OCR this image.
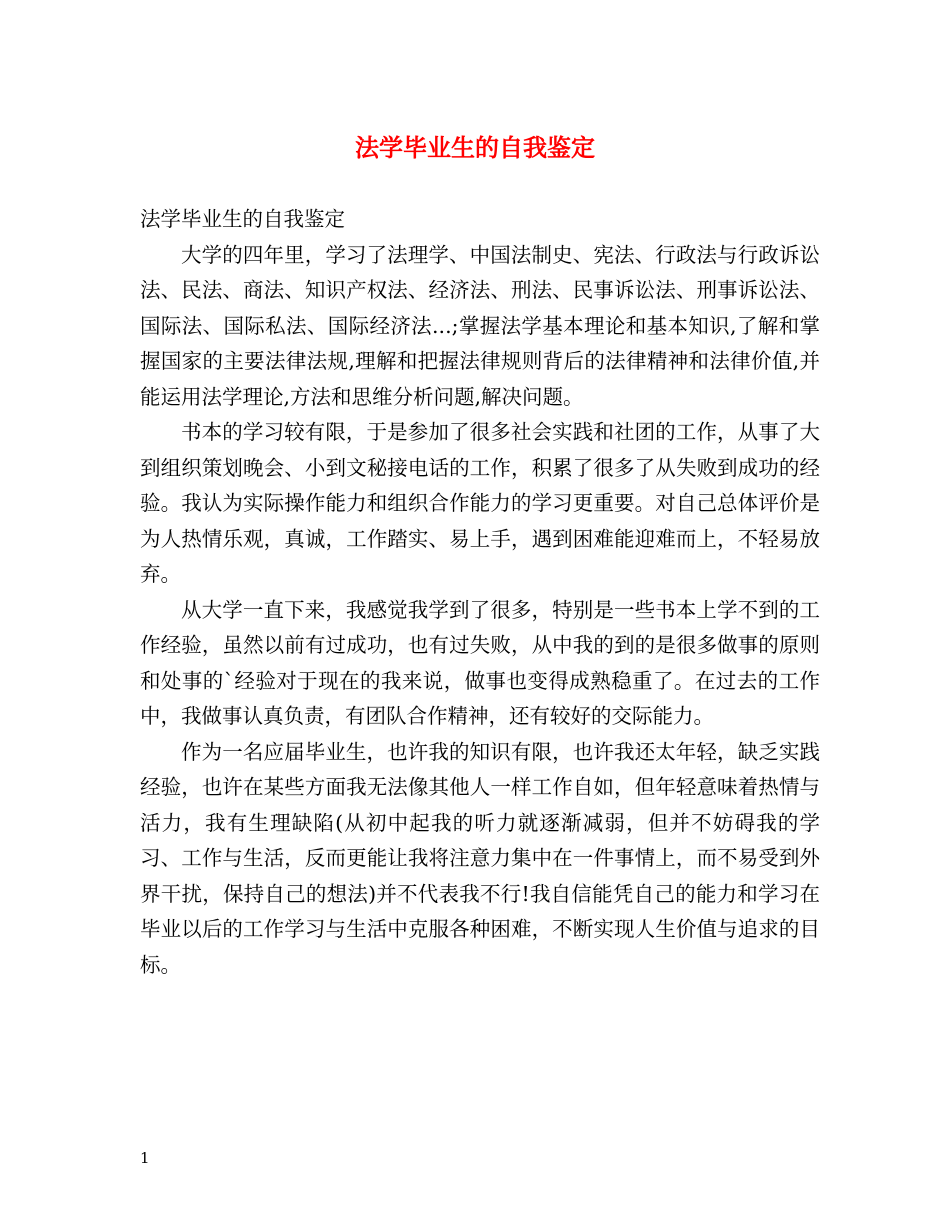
法学毕业生的自我鉴定

法学毕业生的自我鉴定

大学的四年里，学习了法理学、中国法制史、宪法、行政法与行政诉讼法、民法、商法、知识产权法、经济法、刑法、民事诉讼法、刑事诉讼法、国际法、国际私法、国际经济法...;掌握法学基本理论和基本知识,了解和掌握国家的主要法律法规,理解和把握法律规则背后的法律精神和法律价值,并能运用法学理论,方法和思维分析问题,解决问题。

书本的学习较有限，于是参加了很多社会实践和社团的工作，从事了大到组织策划晚会、小到文秘接电话的工作，积累了很多了从失败到成功的经验。我认为实际操作能力和组织合作能力的学习更重要。对自己总体评价是为人热情乐观，真诚，工作踏实、易上手，遇到困难能迎难而上，不轻易放弃。

从大学一直下来，我感觉我学到了很多，特别是一些书本上学不到的工作经验，虽然以前有过成功，也有过失败，从中我的到的是很多做事的原则和处事的`经验对于现在的我来说，做事也变得成熟稳重了。在过去的工作中，我做事认真负责，有团队合作精神，还有较好的交际能力。

作为一名应届毕业生，也许我的知识有限，也许我还太年轻，缺乏实践经验，也许在某些方面我无法像其他人一样工作自如，但年轻意味着热情与活力，我有生理缺陷(从初中起我的听力就逐渐减弱，但并不妨碍我的学习、工作与生活，反而更能让我将注意力集中在一件事情上，而不易受到外界干扰，保持自己的想法)并不代表我不行!我自信能凭自己的能力和学习在毕业以后的工作学习与生活中克服各种困难，不断实现人生价值与追求的目标。

1
